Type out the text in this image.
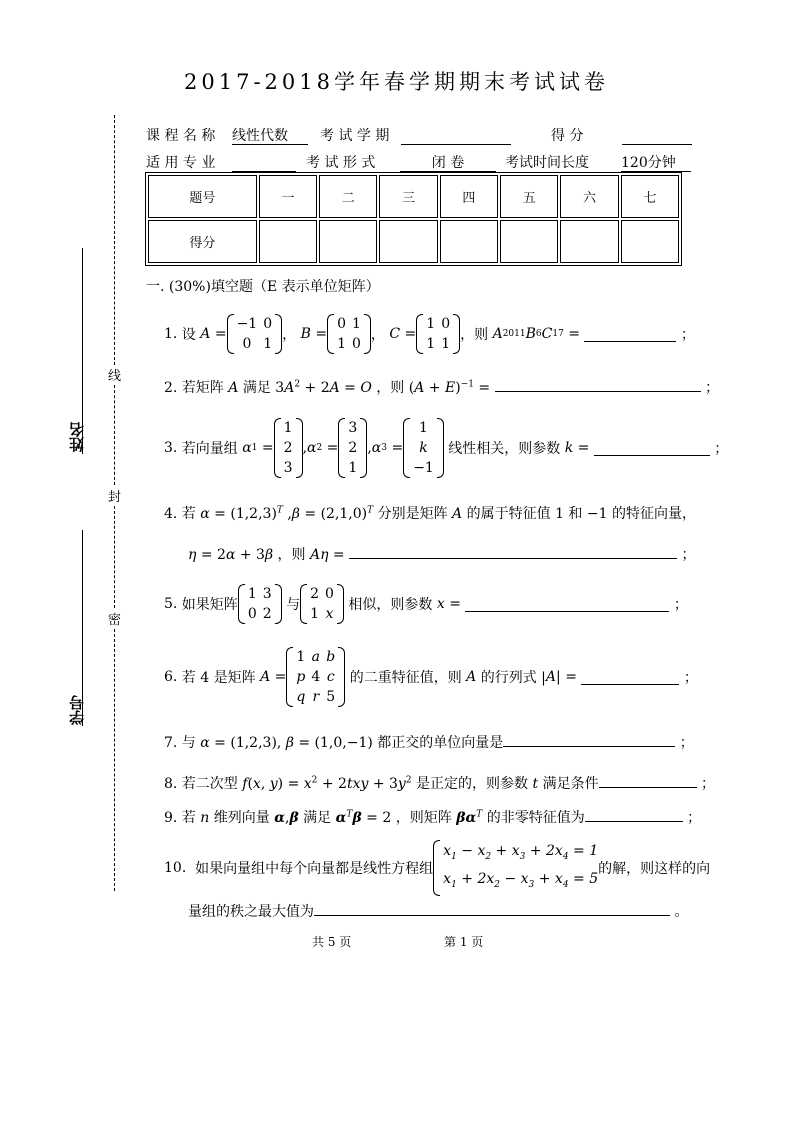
2017-2018学年春学期期末考试试卷
课 程 名 称 线性代数	考 试 学 期	得 分
适 用 专 业	考 试 形 式	闭 卷	考试时间长度 120分钟
题号	一	二	三	四	五	六	七
得分							
姓名
学号
线
封
密
一. (30%)填空题（E 表示单位矩阵）
1. 设 A =
−1	0
0	1
， B =
0	1
1	0
， C =
1	0
1	1
，则 A 2011 B 6 C 17 =	；
2. 若矩阵 A 满足 $3A^2 + 2A = O$ ，则 $(A + E)^{-1}$ =	；
3. 若向量组 α 1 =
1
2
3
, α 2 =
3
2
1
, α 3 =
1
k
−1
线性相关，则参数 k =	；
4. 若 $\alpha = (1,2,3)^T$ $,\beta = (2,1,0)^T$ 分别是矩阵 A 的属于特征值 1 和 −1 的特征向量，
η = 2α + 3β ，则 Aη =	；
5. 如果矩阵
1	3
0	2
与
2	0
1	x
相似，则参数 x =	；
6. 若 4 是矩阵 A =
1	a	b
p	4	c
q	r	5
的二重特征值，则 A 的行列式 | A | =	；
7. 与 α = (1,2,3), β = (1,0,−1) 都正交的单位向量是	；
8. 若二次型 f(x, $y) = x^2 + 2txy + 3y^2$ 是正定的，则参数 t 满足条件	；
9. 若 n 维列向量 α,β 满足 $\alpha^T\beta = 2$ ，则矩阵 $\beta\alpha^T$ 的非零特征值为	；
10. 如果向量组中每个向量都是线性方程组
$x_1 - x_2 + x_3 + 2x_4 = 1$
$x_1 + 2x_2 - x_3 + x_4 = 5$
的解，则这样的向
量组的秩之最大值为	。
共 5 页	第 1 页
